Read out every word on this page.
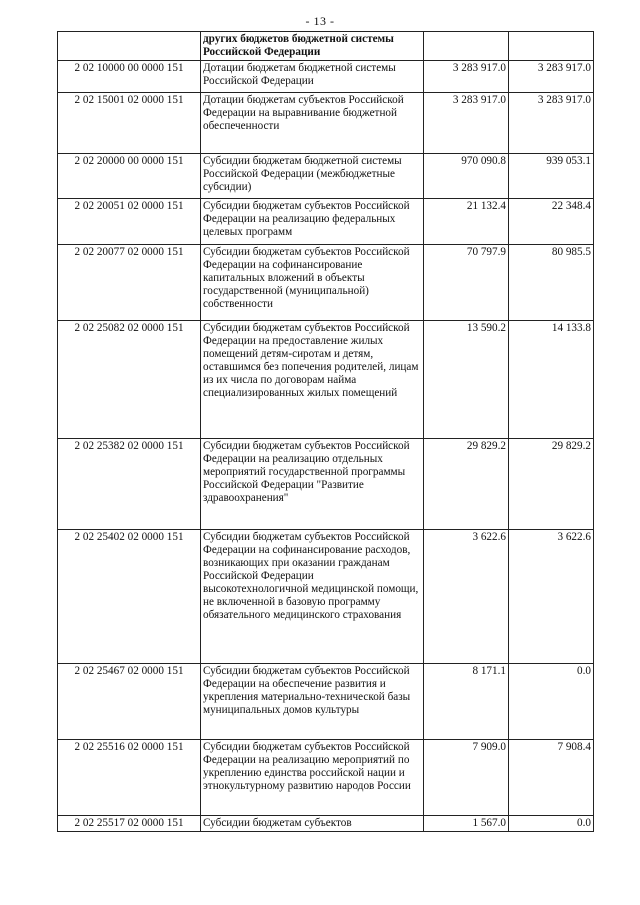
- 13 -
	других бюджетов бюджетной системы Российской Федерации		
2 02 10000 00 0000 151	Дотации бюджетам бюджетной системы Российской Федерации	3 283 917.0	3 283 917.0
2 02 15001 02 0000 151	Дотации бюджетам субъектов Российской Федерации на выравнивание бюджетной обеспеченности	3 283 917.0	3 283 917.0
2 02 20000 00 0000 151	Субсидии бюджетам бюджетной системы Российской Федерации (межбюджетные субсидии)	970 090.8	939 053.1
2 02 20051 02 0000 151	Субсидии бюджетам субъектов Российской Федерации на реализацию федеральных целевых программ	21 132.4	22 348.4
2 02 20077 02 0000 151	Субсидии бюджетам субъектов Российской Федерации на софинансирование капитальных вложений в объекты государственной (муниципальной) собственности	70 797.9	80 985.5
2 02 25082 02 0000 151	Субсидии бюджетам субъектов Российской Федерации на предоставление жилых помещений детям-сиротам и детям, оставшимся без попечения родителей, лицам из их числа по договорам найма специализированных жилых помещений	13 590.2	14 133.8
2 02 25382 02 0000 151	Субсидии бюджетам субъектов Российской Федерации на реализацию отдельных мероприятий государственной программы Российской Федерации "Развитие здравоохранения"	29 829.2	29 829.2
2 02 25402 02 0000 151	Субсидии бюджетам субъектов Российской Федерации на софинансирование расходов, возникающих при оказании гражданам Российской Федерации высокотехнологичной медицинской помощи, не включенной в базовую программу обязательного медицинского страхования	3 622.6	3 622.6
2 02 25467 02 0000 151	Субсидии бюджетам субъектов Российской Федерации на обеспечение развития и укрепления материально-технической базы муниципальных домов культуры	8 171.1	0.0
2 02 25516 02 0000 151	Субсидии бюджетам субъектов Российской Федерации на реализацию мероприятий по укреплению единства российской нации и этнокультурному развитию народов России	7 909.0	7 908.4
2 02 25517 02 0000 151	Субсидии бюджетам субъектов	1 567.0	0.0
